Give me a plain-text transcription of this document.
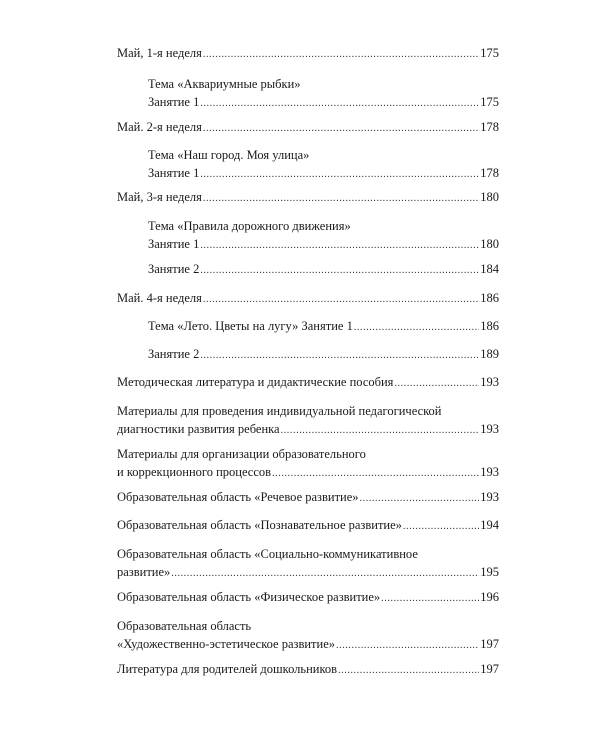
Май, 1-я неделя .....	175
Тема «Аквариумные рыбки»
Занятие 1 .....	175
Май. 2-я неделя .....	178
Тема «Наш город. Моя улица»
Занятие 1 .....	178
Май, 3-я неделя .....	180
Тема «Правила дорожного движения»
Занятие 1 .....	180
Занятие 2 .....	184
Май. 4-я неделя .....	186
Тема «Лето. Цветы на лугу» Занятие 1 .....	186
Занятие 2 .....	189
Методическая литература и дидактические пособия .....	193
Материалы для проведения индивидуальной педагогической
диагностики развития ребенка .....	193
Материалы для организации образовательного
и коррекционного процессов .....	193
Образовательная область «Речевое развитие» .....	193
Образовательная область «Познавательное развитие» .....	194
Образовательная область «Социально-коммуникативное
развитие» .....	195
Образовательная область «Физическое развитие» .....	196
Образовательная область
«Художественно-эстетическое развитие» .....	197
Литература для родителей дошкольников .....	197
